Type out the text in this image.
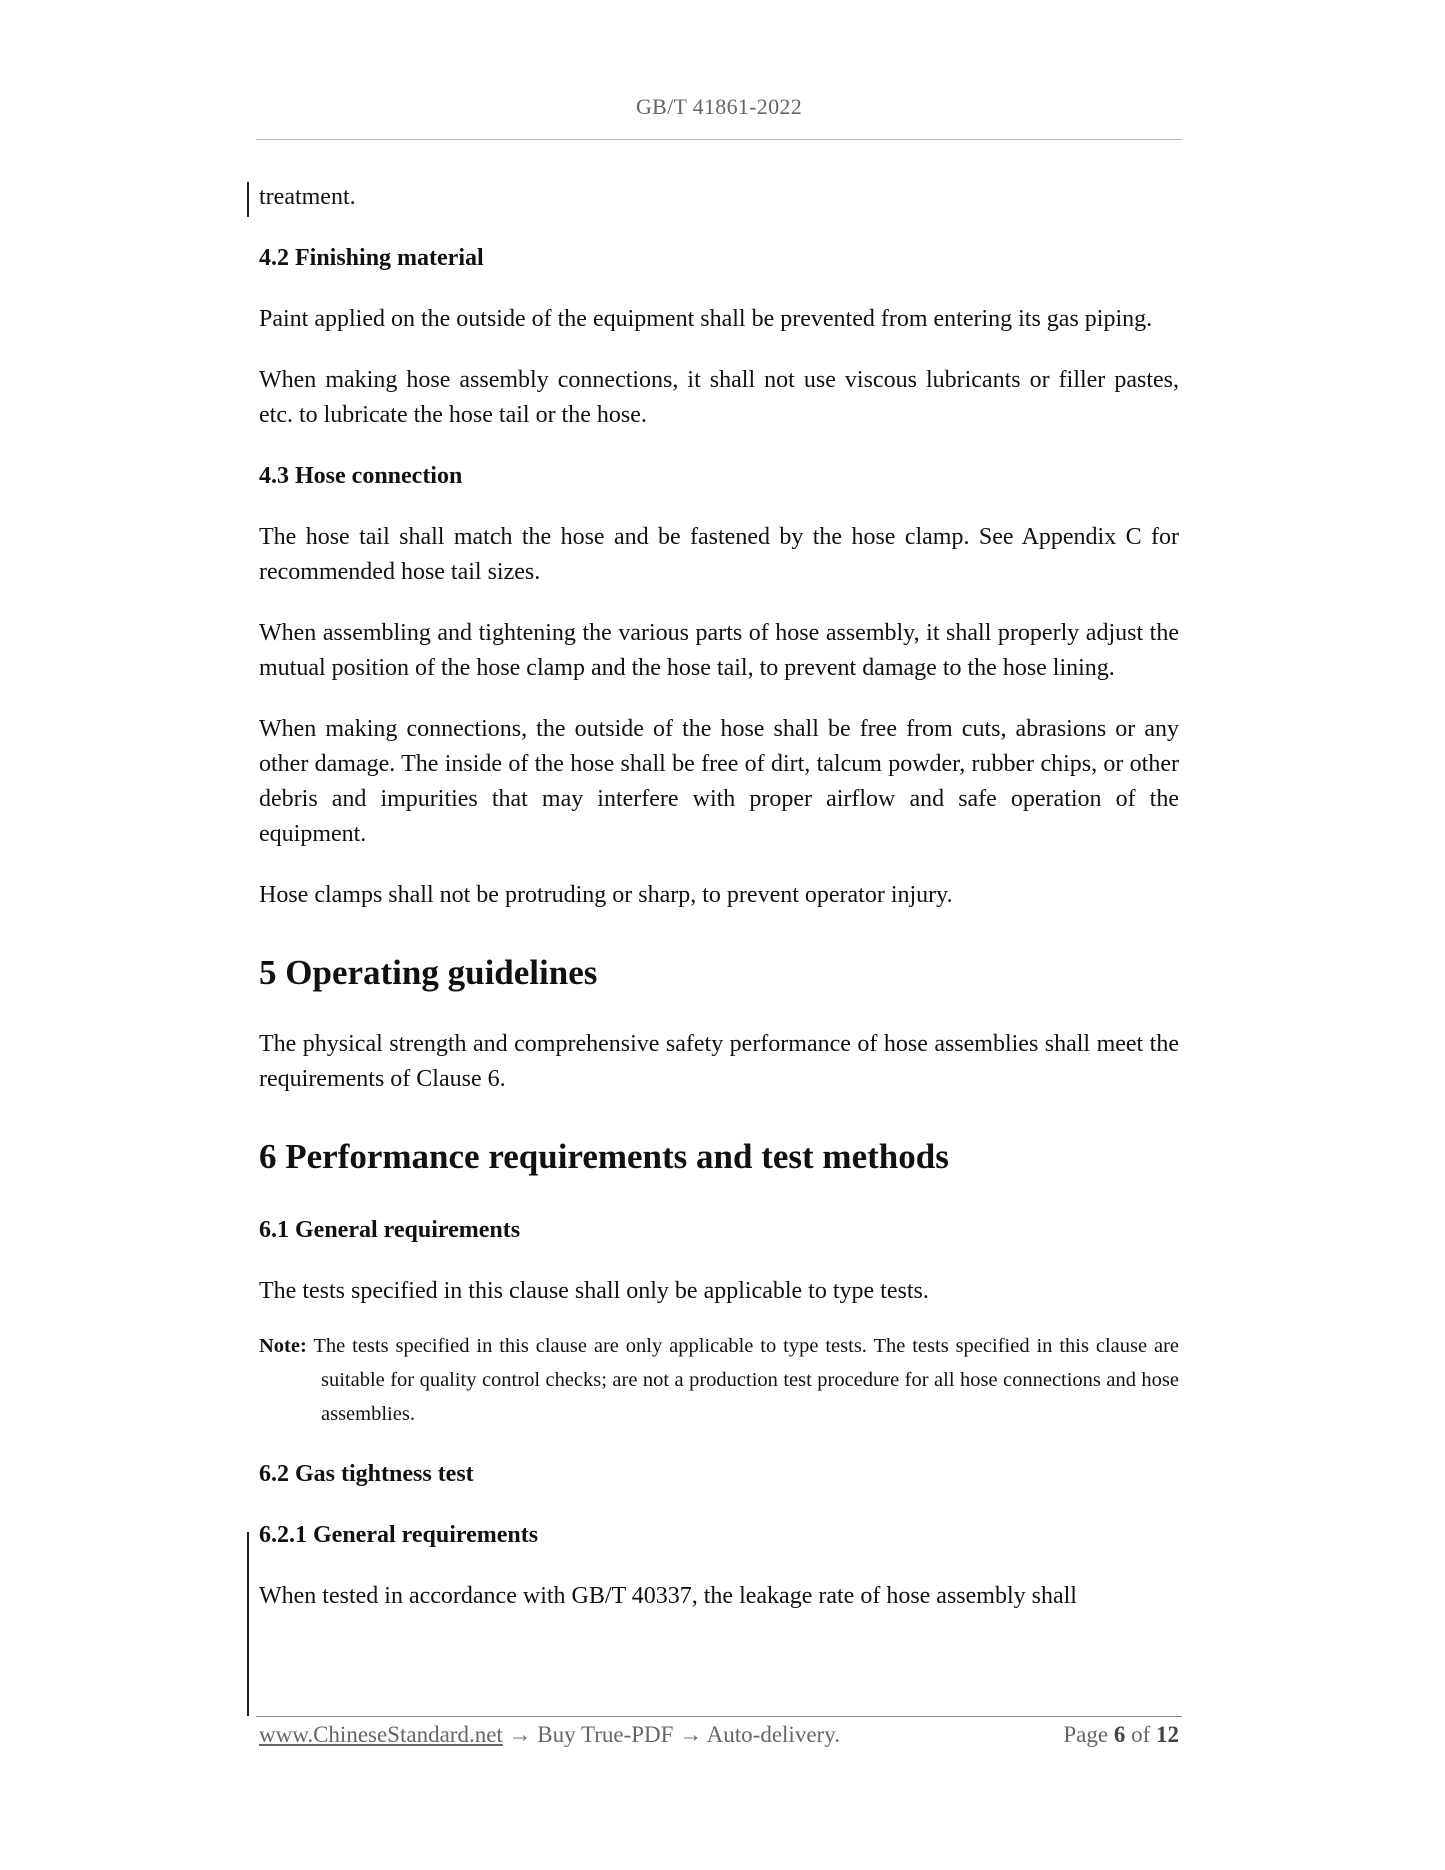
GB/T 41861-2022

treatment.

4.2 Finishing material

Paint applied on the outside of the equipment shall be prevented from entering its gas piping.

When making hose assembly connections, it shall not use viscous lubricants or filler pastes, etc. to lubricate the hose tail or the hose.

4.3 Hose connection

The hose tail shall match the hose and be fastened by the hose clamp. See Appendix C for recommended hose tail sizes.

When assembling and tightening the various parts of hose assembly, it shall properly adjust the mutual position of the hose clamp and the hose tail, to prevent damage to the hose lining.

When making connections, the outside of the hose shall be free from cuts, abrasions or any other damage. The inside of the hose shall be free of dirt, talcum powder, rubber chips, or other debris and impurities that may interfere with proper airflow and safe operation of the equipment.

Hose clamps shall not be protruding or sharp, to prevent operator injury.

5 Operating guidelines

The physical strength and comprehensive safety performance of hose assemblies shall meet the requirements of Clause 6.

6 Performance requirements and test methods
6.1 General requirements

The tests specified in this clause shall only be applicable to type tests.

Note: The tests specified in this clause are only applicable to type tests. The tests specified in this clause are suitable for quality control checks; are not a production test procedure for all hose connections and hose assemblies.

6.2 Gas tightness test
6.2.1 General requirements

When tested in accordance with GB/T 40337, the leakage rate of hose assembly shall

www.ChineseStandard.net → Buy True-PDF → Auto-delivery.	Page 6 of 12
